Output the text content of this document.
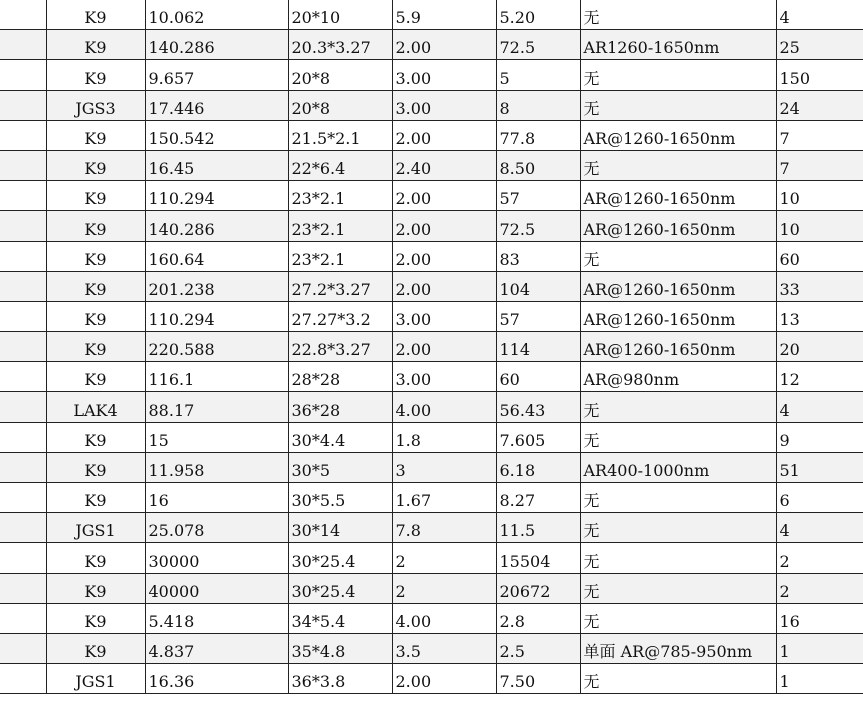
	K9	10.062	20*10	5.9	5.20	无	4
	K9	140.286	20.3*3.27	2.00	72.5	AR1260-1650nm	25
	K9	9.657	20*8	3.00	5	无	150
	JGS3	17.446	20*8	3.00	8	无	24
	K9	150.542	21.5*2.1	2.00	77.8	AR@1260-1650nm	7
	K9	16.45	22*6.4	2.40	8.50	无	7
	K9	110.294	23*2.1	2.00	57	AR@1260-1650nm	10
	K9	140.286	23*2.1	2.00	72.5	AR@1260-1650nm	10
	K9	160.64	23*2.1	2.00	83	无	60
	K9	201.238	27.2*3.27	2.00	104	AR@1260-1650nm	33
	K9	110.294	27.27*3.2	3.00	57	AR@1260-1650nm	13
	K9	220.588	22.8*3.27	2.00	114	AR@1260-1650nm	20
	K9	116.1	28*28	3.00	60	AR@980nm	12
	LAK4	88.17	36*28	4.00	56.43	无	4
	K9	15	30*4.4	1.8	7.605	无	9
	K9	11.958	30*5	3	6.18	AR400-1000nm	51
	K9	16	30*5.5	1.67	8.27	无	6
	JGS1	25.078	30*14	7.8	11.5	无	4
	K9	30000	30*25.4	2	15504	无	2
	K9	40000	30*25.4	2	20672	无	2
	K9	5.418	34*5.4	4.00	2.8	无	16
	K9	4.837	35*4.8	3.5	2.5	单面 AR@785-950nm	1
	JGS1	16.36	36*3.8	2.00	7.50	无	1
